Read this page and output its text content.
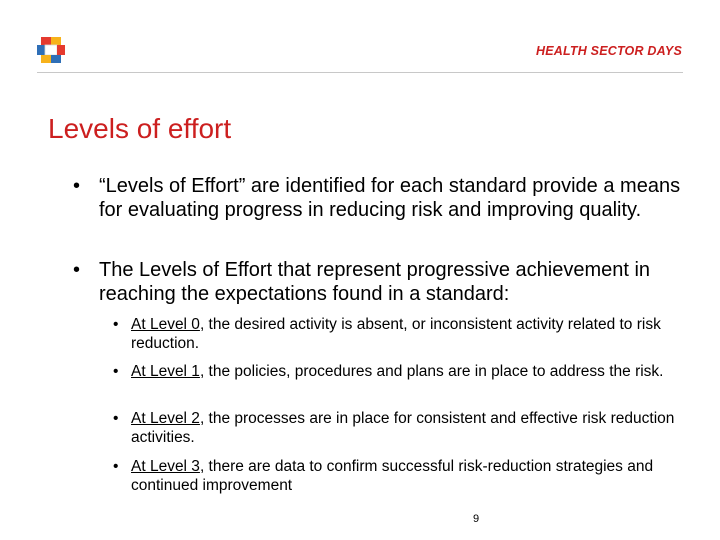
HEALTH SECTOR DAYS
Levels of effort
• “Levels of Effort” are identified for each standard provide a means for evaluating progress in reducing risk and improving quality.
• The Levels of Effort that represent progressive achievement in reaching the expectations found in a standard:
• At Level 0, the desired activity is absent, or inconsistent activity related to risk reduction.
• At Level 1, the policies, procedures and plans are in place to address the risk.
• At Level 2, the processes are in place for consistent and effective risk reduction activities.
• At Level 3, there are data to confirm successful risk-reduction strategies and continued improvement
9
